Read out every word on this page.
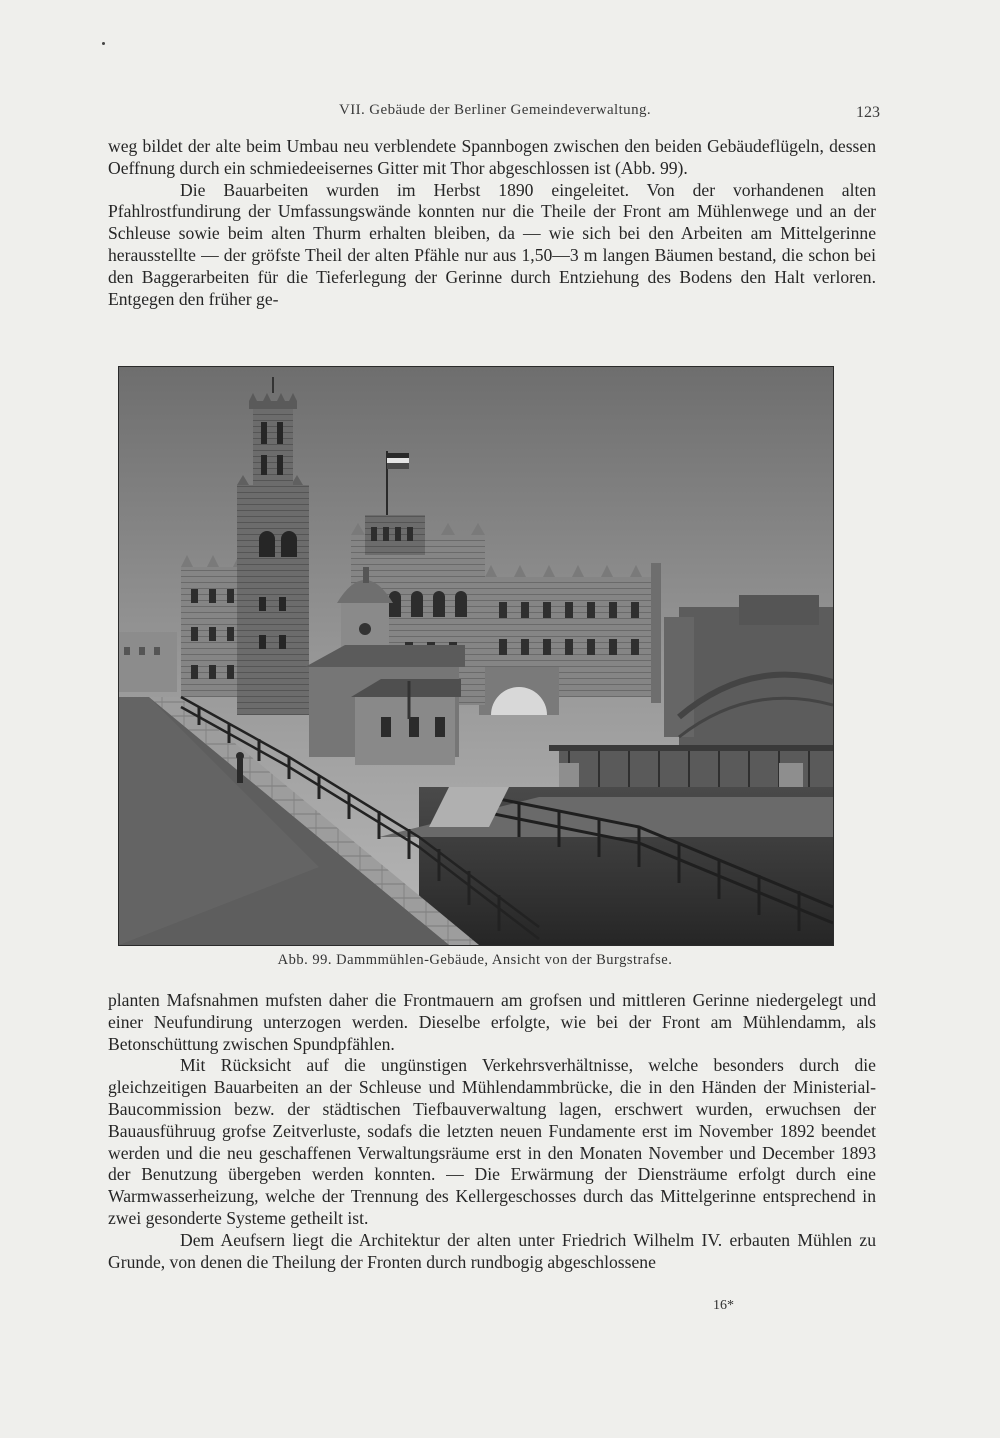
VII. Gebäude der Berliner Gemeindeverwaltung.	123

weg bildet der alte beim Umbau neu verblendete Spannbogen zwischen den beiden Gebäudeflügeln, dessen Oeffnung durch ein schmiedeeisernes Gitter mit Thor abgeschlossen ist (Abb. 99).

Die Bauarbeiten wurden im Herbst 1890 eingeleitet. Von der vorhandenen alten Pfahlrostfundirung der Umfassungswände konnten nur die Theile der Front am Mühlenwege und an der Schleuse sowie beim alten Thurm erhalten bleiben, da — wie sich bei den Arbeiten am Mittelgerinne herausstellte — der gröfste Theil der alten Pfähle nur aus 1,50—3 m langen Bäumen bestand, die schon bei den Baggerarbeiten für die Tieferlegung der Gerinne durch Entziehung des Bodens den Halt verloren. Entgegen den früher ge-

Abb. 99. Dammmühlen-Gebäude, Ansicht von der Burgstrafse.

planten Mafsnahmen mufsten daher die Frontmauern am grofsen und mittleren Gerinne niedergelegt und einer Neufundirung unterzogen werden. Dieselbe erfolgte, wie bei der Front am Mühlendamm, als Betonschüttung zwischen Spundpfählen.

Mit Rücksicht auf die ungünstigen Verkehrsverhältnisse, welche besonders durch die gleichzeitigen Bauarbeiten an der Schleuse und Mühlendammbrücke, die in den Händen der Ministerial-Baucommission bezw. der städtischen Tiefbauverwaltung lagen, erschwert wurden, erwuchsen der Bauausführuug grofse Zeitverluste, sodafs die letzten neuen Fundamente erst im November 1892 beendet werden und die neu geschaffenen Verwaltungsräume erst in den Monaten November und December 1893 der Benutzung übergeben werden konnten. — Die Erwärmung der Diensträume erfolgt durch eine Warmwasserheizung, welche der Trennung des Kellergeschosses durch das Mittelgerinne entsprechend in zwei gesonderte Systeme getheilt ist.

Dem Aeufsern liegt die Architektur der alten unter Friedrich Wilhelm IV. erbauten Mühlen zu Grunde, von denen die Theilung der Fronten durch rundbogig abgeschlossene

16*
